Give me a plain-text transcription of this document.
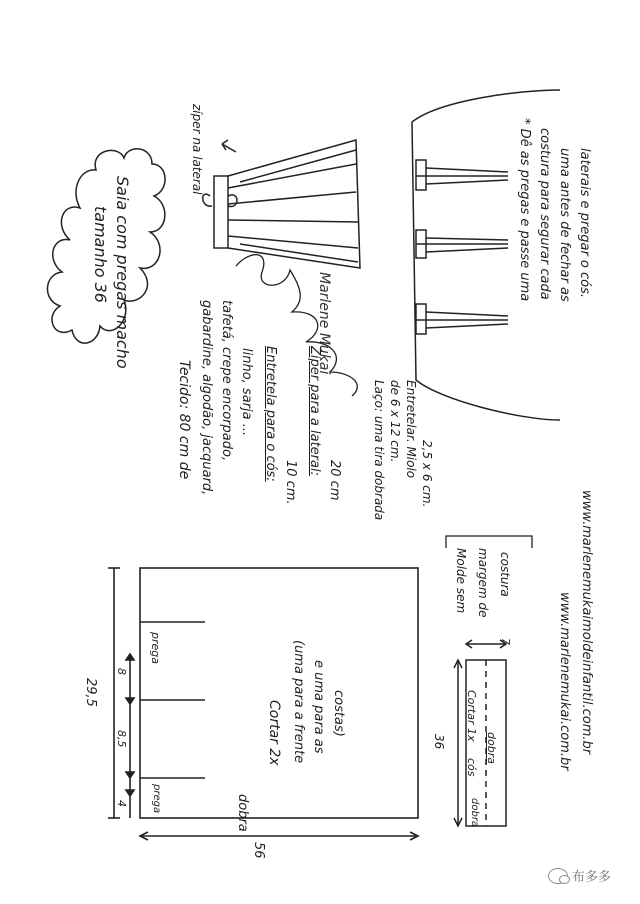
Saia com pregas macho
tamanho 36
zíper na lateral
Marlene Mukai
Tecido: 80 cm de gabardine, algodão, jacquard, tafetá, crepe encorpado, linho, sarja ... Entretela para o cós:
10 cm.
Zíper para a lateral:
20 cm	Laço: uma tira dobrada de 6 x 12 cm. Entretelar. Miolo 2,5 x 6 cm.
Molde sem margem de costura
* Dê as pregas e passe uma costura para segurar cada uma antes de fechar as laterais e pregar o cós.
29,5
56
4
8,5
8
prega
prega
Cortar 2x (uma para a frente e uma para as costas)
dobra
36
7
cós
Cortar 1x
dobra
dobra
www.marlenemukai.com.br www.marlenemukaimoldeinfantil.com.br
布多多
